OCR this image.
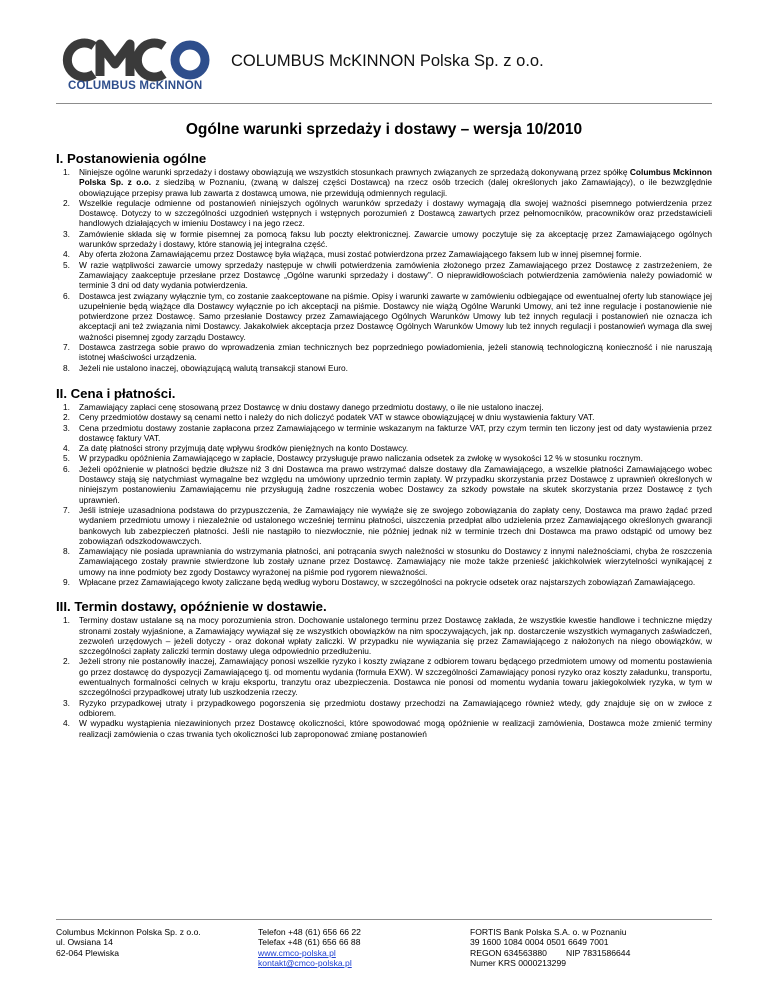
COLUMBUS McKINNON
COLUMBUS McKINNON Polska Sp. z o.o.
Ogólne warunki sprzedaży i dostawy – wersja 10/2010
I. Postanowienia ogólne
1. Niniejsze ogólne warunki sprzedaży i dostawy obowiązują we wszystkich stosunkach prawnych związanych ze sprzedażą dokonywaną przez spółkę Columbus Mckinnon Polska Sp. z o.o. z siedzibą w Poznaniu, (zwaną w dalszej części Dostawcą) na rzecz osób trzecich (dalej określonych jako Zamawiający), o ile bezwzględnie obowiązujące przepisy prawa lub zawarta z dostawcą umowa, nie przewidują odmiennych regulacji.
2. Wszelkie regulacje odmienne od postanowień niniejszych ogólnych warunków sprzedaży i dostawy wymagają dla swojej ważności pisemnego potwierdzenia przez Dostawcę. Dotyczy to w szczególności uzgodnień wstępnych i wstępnych porozumień z Dostawcą zawartych przez pełnomocników, pracowników oraz przedstawicieli handlowych działających w imieniu Dostawcy i na jego rzecz.
3. Zamówienie składa się w formie pisemnej za pomocą faksu lub poczty elektronicznej. Zawarcie umowy poczytuje się za akceptację przez Zamawiającego ogólnych warunków sprzedaży i dostawy, które stanowią jej integralna część.
4. Aby oferta złożona Zamawiającemu przez Dostawcę była wiążąca, musi zostać potwierdzona przez Zamawiającego faksem lub w innej pisemnej formie.
5. W razie wątpliwości zawarcie umowy sprzedaży następuje w chwili potwierdzenia zamówienia złożonego przez Zamawiającego przez Dostawcę z zastrzeżeniem, że Zamawiający zaakceptuje przesłane przez Dostawcę „Ogólne warunki sprzedaży i dostawy”. O nieprawidłowościach potwierdzenia zamówienia należy powiadomić w terminie 3 dni od daty wydania potwierdzenia.
6. Dostawca jest związany wyłącznie tym, co zostanie zaakceptowane na piśmie. Opisy i warunki zawarte w zamówieniu odbiegające od ewentualnej oferty lub stanowiące jej uzupełnienie będą wiążące dla Dostawcy wyłącznie po ich akceptacji na piśmie. Dostawcy nie wiążą Ogólne Warunki Umowy, ani też inne regulacje i postanowienie nie potwierdzone przez Dostawcę. Samo przesłanie Dostawcy przez Zamawiającego Ogólnych Warunków Umowy lub też innych regulacji i postanowień nie oznacza ich akceptacji ani też związania nimi Dostawcy. Jakakolwiek akceptacja przez Dostawcę Ogólnych Warunków Umowy lub też innych regulacji i postanowień wymaga dla swej ważności pisemnej zgody zarządu Dostawcy.
7. Dostawca zastrzega sobie prawo do wprowadzenia zmian technicznych bez poprzedniego powiadomienia, jeżeli stanowią technologiczną konieczność i nie naruszają istotnej właściwości urządzenia.
8. Jeżeli nie ustalono inaczej, obowiązującą walutą transakcji stanowi Euro.
II. Cena i płatności.
1. Zamawiający zapłaci cenę stosowaną przez Dostawcę w dniu dostawy danego przedmiotu dostawy, o ile nie ustalono inaczej.
2. Ceny przedmiotów dostawy są cenami netto i należy do nich doliczyć podatek VAT w stawce obowiązującej w dniu wystawienia faktury VAT.
3. Cena przedmiotu dostawy zostanie zapłacona przez Zamawiającego w terminie wskazanym na fakturze VAT, przy czym termin ten liczony jest od daty wystawienia przez dostawcę faktury VAT.
4. Za datę płatności strony przyjmują datę wpływu środków pieniężnych na konto Dostawcy.
5. W przypadku opóźnienia Zamawiającego w zapłacie, Dostawcy przysługuje prawo naliczania odsetek za zwłokę w wysokości 12 % w stosunku rocznym.
6. Jeżeli opóźnienie w płatności będzie dłuższe niż 3 dni Dostawca ma prawo wstrzymać dalsze dostawy dla Zamawiającego, a wszelkie płatności Zamawiającego wobec Dostawcy stają się natychmiast wymagalne bez względu na umówiony uprzednio termin zapłaty. W przypadku skorzystania przez Dostawcę z uprawnień określonych w niniejszym postanowieniu Zamawiającemu nie przysługują żadne roszczenia wobec Dostawcy za szkody powstałe na skutek skorzystania przez Dostawcę z tych uprawnień.
7. Jeśli istnieje uzasadniona podstawa do przypuszczenia, że Zamawiający nie wywiąże się ze swojego zobowiązania do zapłaty ceny, Dostawca ma prawo żądać przed wydaniem przedmiotu umowy i niezależnie od ustalonego wcześniej terminu płatności, uiszczenia przedpłat albo udzielenia przez Zamawiającego określonych gwarancji bankowych lub zabezpieczeń płatności. Jeśli nie nastąpiło to niezwłocznie, nie później jednak niż w terminie trzech dni Dostawca ma prawo odstąpić od umowy bez zobowiązań odszkodowawczych.
8. Zamawiający nie posiada uprawniania do wstrzymania płatności, ani potrącania swych należności w stosunku do Dostawcy z innymi należnościami, chyba że roszczenia Zamawiającego zostały prawnie stwierdzone lub zostały uznane przez Dostawcę. Zamawiający nie może także przenieść jakichkolwiek wierzytelności wynikającej z umowy na inne podmioty bez zgody Dostawcy wyrażonej na piśmie pod rygorem nieważności.
9. Wpłacane przez Zamawiającego kwoty zaliczane będą według wyboru Dostawcy, w szczególności na pokrycie odsetek oraz najstarszych zobowiązań Zamawiającego.
III. Termin dostawy, opóźnienie w dostawie.
1. Terminy dostaw ustalane są na mocy porozumienia stron. Dochowanie ustalonego terminu przez Dostawcę zakłada, że wszystkie kwestie handlowe i techniczne między stronami zostały wyjaśnione, a Zamawiający wywiązał się ze wszystkich obowiązków na nim spoczywających, jak np. dostarczenie wszystkich wymaganych zaświadczeń, zezwoleń urzędowych – jeżeli dotyczy - oraz dokonał wpłaty zaliczki. W przypadku nie wywiązania się przez Zamawiającego z nałożonych na niego obowiązków, w szczególności zapłaty zaliczki termin dostawy ulega odpowiednio przedłużeniu.
2. Jeżeli strony nie postanowiły inaczej, Zamawiający ponosi wszelkie ryzyko i koszty związane z odbiorem towaru będącego przedmiotem umowy od momentu postawienia go przez dostawcę do dyspozycji Zamawiającego tj. od momentu wydania (formuła EXW). W szczególności Zamawiający ponosi ryzyko oraz koszty załadunku, transportu, ewentualnych formalności celnych w kraju eksportu, tranzytu oraz ubezpieczenia. Dostawca nie ponosi od momentu wydania towaru jakiegokolwiek ryzyka, w tym w szczególności przypadkowej utraty lub uszkodzenia rzeczy.
3. Ryzyko przypadkowej utraty i przypadkowego pogorszenia się przedmiotu dostawy przechodzi na Zamawiającego również wtedy, gdy znajduje się on w zwłoce z odbiorem.
4. W wypadku wystąpienia niezawinionych przez Dostawcę okoliczności, które spowodować mogą opóźnienie w realizacji zamówienia, Dostawca może zmienić terminy realizacji zamówienia o czas trwania tych okoliczności lub zaproponować zmianę postanowień
Columbus Mckinnon Polska Sp. z o.o.
ul. Owsiana 14
62-064 Plewiska
Telefon +48 (61) 656 66 22
Telefax +48 (61) 656 66 88
www.cmco-polska.pl
kontakt@cmco-polska.pl
FORTIS Bank Polska S.A. o. w Poznaniu
39 1600 1084 0004 0501 6649 7001
REGON 634563880        NIP 7831586644
Numer KRS 0000213299
